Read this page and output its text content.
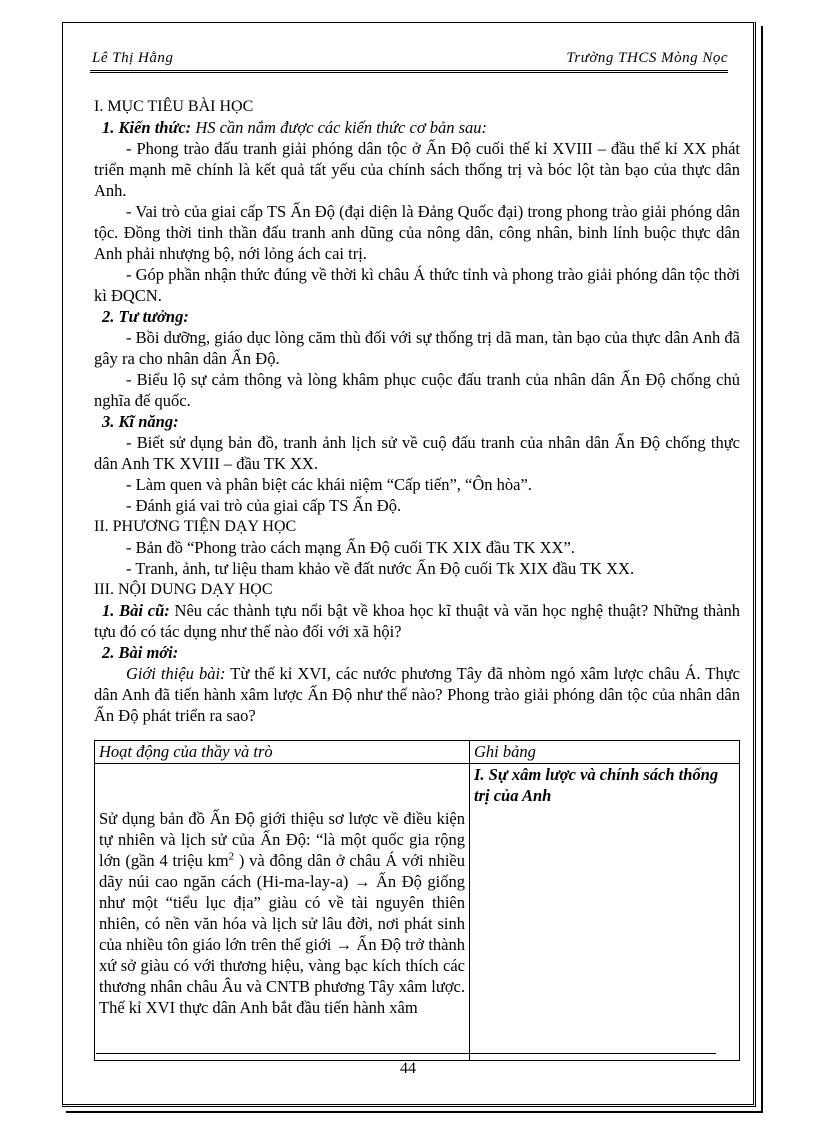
Lê Thị Hằng	Trường THCS Mòng Nọc

I. MỤC TIÊU BÀI HỌC

1. Kiến thức: HS cần nắm được các kiến thức cơ bản sau:

- Phong trào đấu tranh giải phóng dân tộc ở Ấn Độ cuối thế kỉ XVIII – đầu thế kỉ XX phát triển mạnh mẽ chính là kết quả tất yếu của chính sách thống trị và bóc lột tàn bạo của thực dân Anh.

- Vai trò của giai cấp TS Ấn Độ (đại diện là Đảng Quốc đại) trong phong trào giải phóng dân tộc. Đồng thời tinh thần đấu tranh anh dũng của nông dân, công nhân, binh lính buộc thực dân Anh phải nhượng bộ, nới lỏng ách cai trị.

- Góp phần nhận thức đúng về thời kì châu Á thức tỉnh và phong trào giải phóng dân tộc thời kì ĐQCN.

2. Tư tưởng:

- Bồi dưỡng, giáo dục lòng căm thù đối với sự thống trị dã man, tàn bạo của thực dân Anh đã gây ra cho nhân dân Ấn Độ.

- Biểu lộ sự cảm thông và lòng khâm phục cuộc đấu tranh của nhân dân Ấn Độ chống chủ nghĩa đế quốc.

3. Kĩ năng:

- Biết sử dụng bản đồ, tranh ảnh lịch sử về cuộ đấu tranh của nhân dân Ấn Độ chống thực dân Anh TK XVIII – đầu TK XX.

- Làm quen và phân biệt các khái niệm “Cấp tiến”, “Ôn hòa”.

- Đánh giá vai trò của giai cấp TS Ấn Độ.

II. PHƯƠNG TIỆN DẠY HỌC

- Bản đồ “Phong trào cách mạng Ấn Độ cuối TK XIX đầu TK XX”.

- Tranh, ảnh, tư liệu tham khảo về đất nước Ấn Độ cuối Tk XIX đầu TK XX.

III. NỘI DUNG DẠY HỌC

1. Bài cũ: Nêu các thành tựu nổi bật về khoa học kĩ thuật và văn học nghệ thuật? Những thành tựu đó có tác dụng như thế nào đối với xã hội?

2. Bài mới:

Giới thiệu bài: Từ thế kỉ XVI, các nước phương Tây đã nhòm ngó xâm lược châu Á. Thực dân Anh đã tiến hành xâm lược Ấn Độ như thế nào? Phong trào giải phóng dân tộc của nhân dân Ấn Độ phát triển ra sao?

Hoạt động của thầy và trò	Ghi bảng

Sử dụng bản đồ Ấn Độ giới thiệu sơ lược về điều kiện tự nhiên và lịch sử của Ấn Độ: “là một quốc gia rộng lớn (gần 4 triệu $km^2$ ) và đông dân ở châu Á với nhiều dãy núi cao ngăn cách (Hi-ma-lay-a) → Ấn Độ giống như một “tiểu lục địa” giàu có về tài nguyên thiên nhiên, có nền văn hóa và lịch sử lâu đời, nơi phát sinh của nhiều tôn giáo lớn trên thế giới → Ấn Độ trở thành xứ sở giàu có với thương hiệu, vàng bạc kích thích các thương nhân châu Âu và CNTB phương Tây xâm lược. Thế kỉ XVI thực dân Anh bắt đầu tiến hành xâm	I. Sự xâm lược và chính sách thống trị của Anh
44
